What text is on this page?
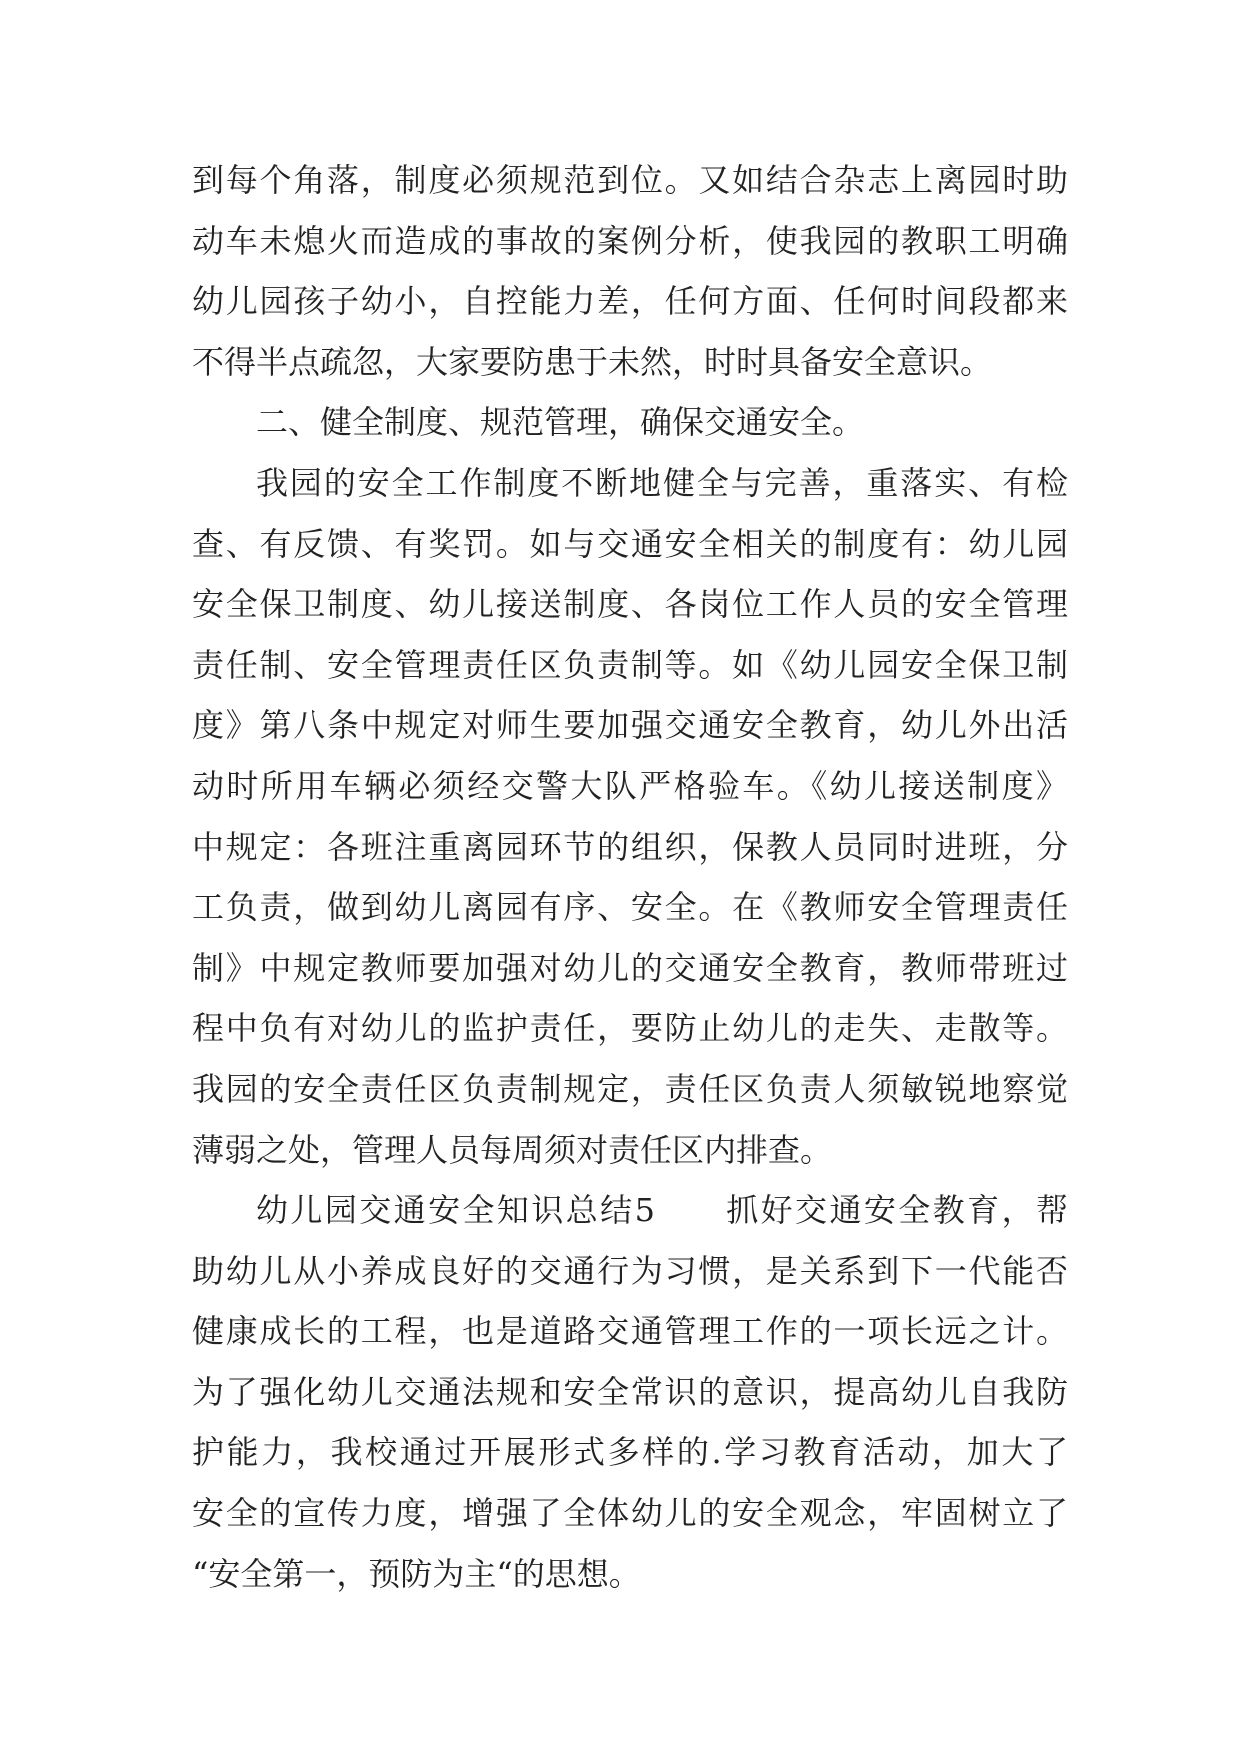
到每个角落，制度必须规范到位。又如结合杂志上离园时助
动车未熄火而造成的事故的案例分析，使我园的教职工明确
幼儿园孩子幼小，自控能力差，任何方面、任何时间段都来
不得半点疏忽，大家要防患于未然，时时具备安全意识。
二、健全制度、规范管理，确保交通安全。
我园的安全工作制度不断地健全与完善，重落实、有检
查、有反馈、有奖罚。如与交通安全相关的制度有：幼儿园
安全保卫制度、幼儿接送制度、各岗位工作人员的安全管理
责任制、安全管理责任区负责制等。如《幼儿园安全保卫制
度》第八条中规定对师生要加强交通安全教育，幼儿外出活
动时所用车辆必须经交警大队严格验车。《幼儿接送制度》
中规定：各班注重离园环节的组织，保教人员同时进班，分
工负责，做到幼儿离园有序、安全。在《教师安全管理责任
制》中规定教师要加强对幼儿的交通安全教育，教师带班过
程中负有对幼儿的监护责任，要防止幼儿的走失、走散等。
我园的安全责任区负责制规定，责任区负责人须敏锐地察觉
薄弱之处，管理人员每周须对责任区内排查。
幼儿园交通安全知识总结5　　抓好交通安全教育，帮
助幼儿从小养成良好的交通行为习惯，是关系到下一代能否
健康成长的工程，也是道路交通管理工作的一项长远之计。
为了强化幼儿交通法规和安全常识的意识，提高幼儿自我防
护能力，我校通过开展形式多样的.学习教育活动，加大了
安全的宣传力度，增强了全体幼儿的安全观念，牢固树立了
“安全第一，预防为主“的思想。
